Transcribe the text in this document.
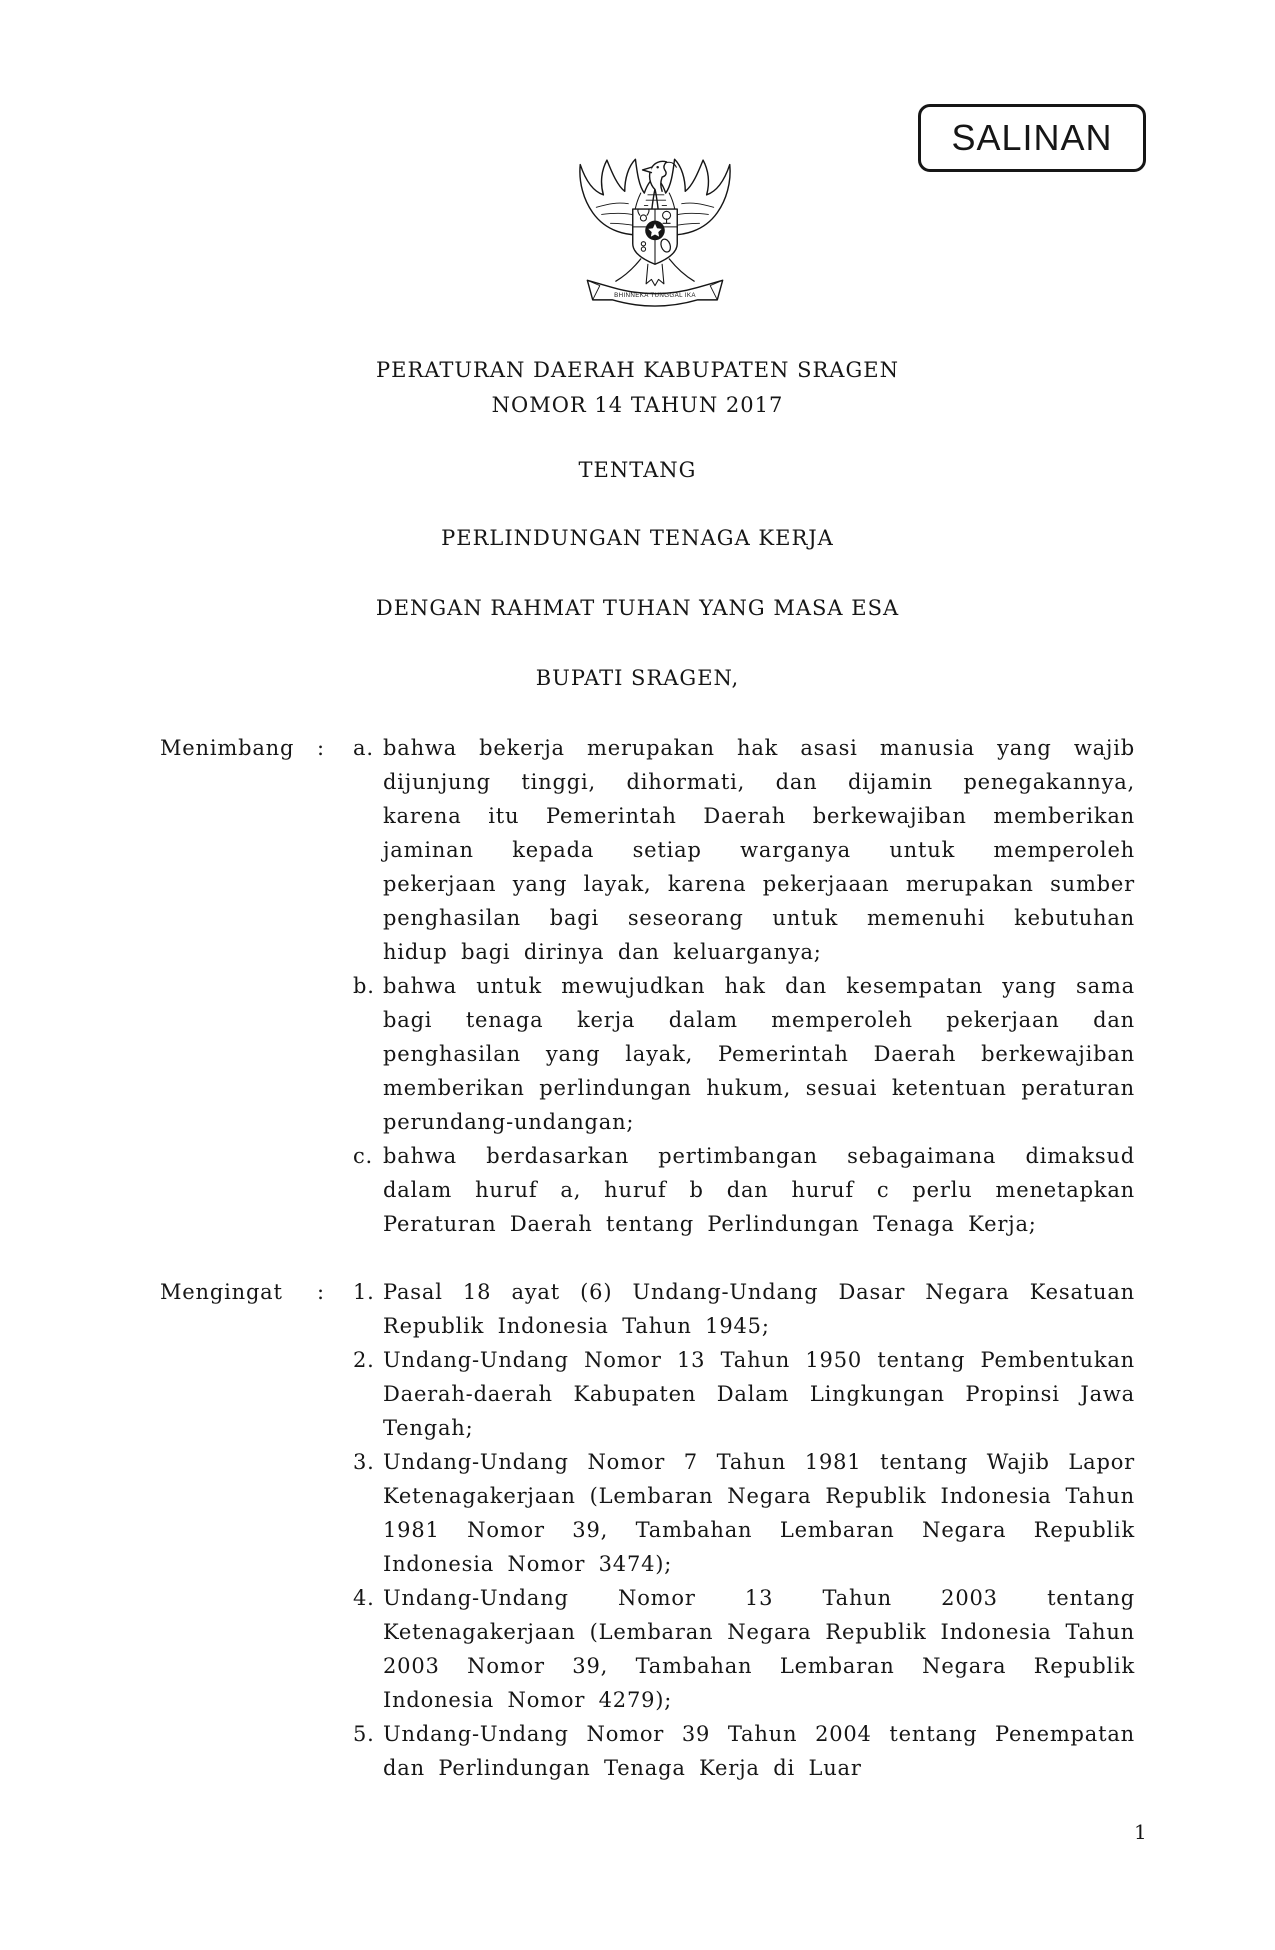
SALINAN
BHINNEKA TUNGGAL IKA
PERATURAN DAERAH KABUPATEN SRAGEN
NOMOR 14 TAHUN 2017
TENTANG
PERLINDUNGAN TENAGA KERJA
DENGAN RAHMAT TUHAN YANG MASA ESA
BUPATI SRAGEN,
Menimbang	:	a. bahwa bekerja merupakan hak asasi manusia yang wajib dijunjung tinggi, dihormati, dan dijamin penegakannya, karena itu Pemerintah Daerah berkewajiban memberikan jaminan kepada setiap warganya untuk memperoleh pekerjaan yang layak, karena pekerjaaan merupakan sumber penghasilan bagi seseorang untuk memenuhi kebutuhan hidup bagi dirinya dan keluarganya;
b. bahwa untuk mewujudkan hak dan kesempatan yang sama bagi tenaga kerja dalam memperoleh pekerjaan dan penghasilan yang layak, Pemerintah Daerah berkewajiban memberikan perlindungan hukum, sesuai ketentuan peraturan perundang-undangan;
c. bahwa berdasarkan pertimbangan sebagaimana dimaksud dalam huruf a, huruf b dan huruf c perlu menetapkan Peraturan Daerah tentang Perlindungan Tenaga Kerja;
Mengingat	:	1. Pasal 18 ayat (6) Undang-Undang Dasar Negara Kesatuan Republik Indonesia Tahun 1945;
2. Undang-Undang Nomor 13 Tahun 1950 tentang Pembentukan Daerah-daerah Kabupaten Dalam Lingkungan Propinsi Jawa Tengah;
3. Undang-Undang Nomor 7 Tahun 1981 tentang Wajib Lapor Ketenagakerjaan (Lembaran Negara Republik Indonesia Tahun 1981 Nomor 39, Tambahan Lembaran Negara Republik Indonesia Nomor 3474);
4. Undang-Undang Nomor 13 Tahun 2003 tentang Ketenagakerjaan (Lembaran Negara Republik Indonesia Tahun 2003 Nomor 39, Tambahan Lembaran Negara Republik Indonesia Nomor 4279);
5. Undang-Undang Nomor 39 Tahun 2004 tentang Penempatan dan Perlindungan Tenaga Kerja di Luar
1
